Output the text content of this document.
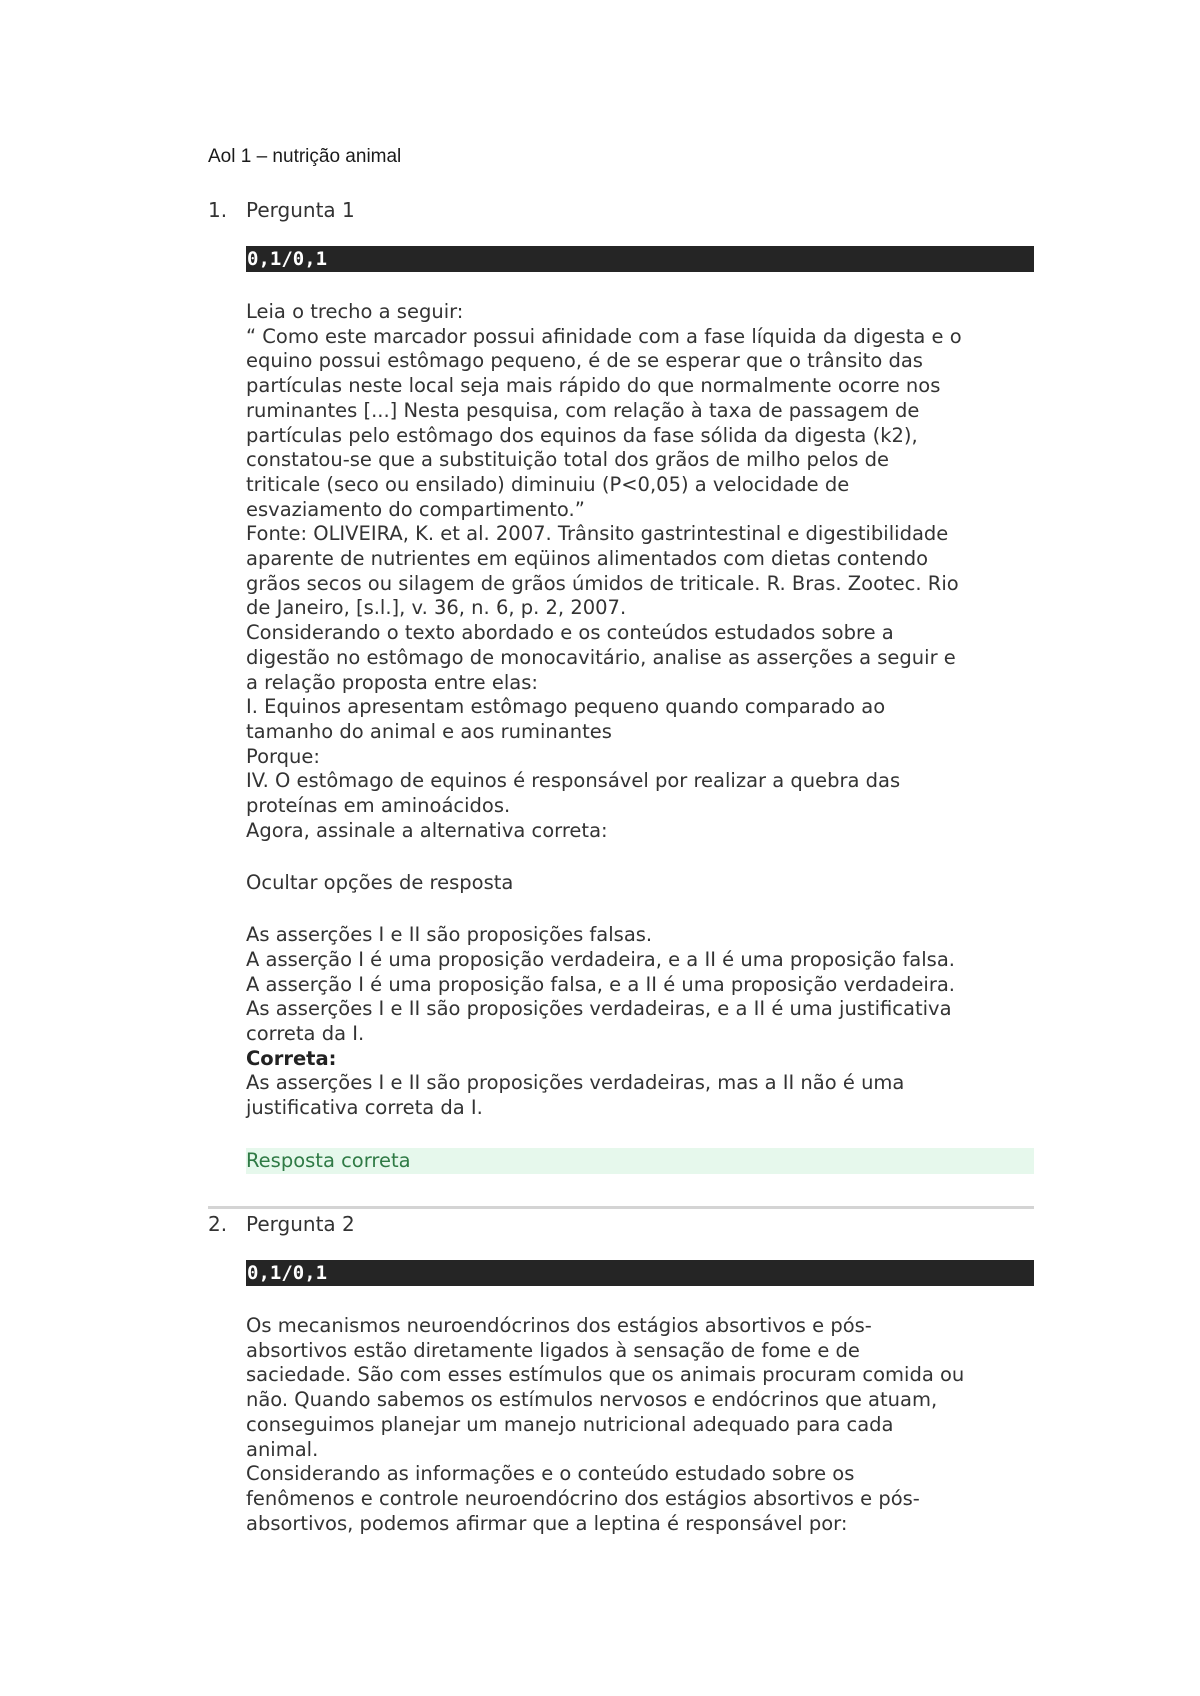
Aol 1 – nutrição animal
1. Pergunta 1
0,1/0,1
Leia o trecho a seguir:
“ Como este marcador possui afinidade com a fase líquida da digesta e o
equino possui estômago pequeno, é de se esperar que o trânsito das
partículas neste local seja mais rápido do que normalmente ocorre nos
ruminantes [...] Nesta pesquisa, com relação à taxa de passagem de
partículas pelo estômago dos equinos da fase sólida da digesta (k2),
constatou-se que a substituição total dos grãos de milho pelos de
triticale (seco ou ensilado) diminuiu (P<0,05) a velocidade de
esvaziamento do compartimento.”
Fonte: OLIVEIRA, K. et al. 2007. Trânsito gastrintestinal e digestibilidade
aparente de nutrientes em eqüinos alimentados com dietas contendo
grãos secos ou silagem de grãos úmidos de triticale. R. Bras. Zootec. Rio
de Janeiro, [s.l.], v. 36, n. 6, p. 2, 2007.
Considerando o texto abordado e os conteúdos estudados sobre a
digestão no estômago de monocavitário, analise as asserções a seguir e
a relação proposta entre elas:
I. Equinos apresentam estômago pequeno quando comparado ao
tamanho do animal e aos ruminantes
Porque:
IV. O estômago de equinos é responsável por realizar a quebra das
proteínas em aminoácidos.
Agora, assinale a alternativa correta:
Ocultar opções de resposta
As asserções I e II são proposições falsas.
A asserção I é uma proposição verdadeira, e a II é uma proposição falsa.
A asserção I é uma proposição falsa, e a II é uma proposição verdadeira.
As asserções I e II são proposições verdadeiras, e a II é uma justificativa
correta da I.
Correta:
As asserções I e II são proposições verdadeiras, mas a II não é uma
justificativa correta da I.
Resposta correta
2. Pergunta 2
0,1/0,1
Os mecanismos neuroendócrinos dos estágios absortivos e pós-
absortivos estão diretamente ligados à sensação de fome e de
saciedade. São com esses estímulos que os animais procuram comida ou
não. Quando sabemos os estímulos nervosos e endócrinos que atuam,
conseguimos planejar um manejo nutricional adequado para cada
animal.
Considerando as informações e o conteúdo estudado sobre os
fenômenos e controle neuroendócrino dos estágios absortivos e pós-
absortivos, podemos afirmar que a leptina é responsável por:
